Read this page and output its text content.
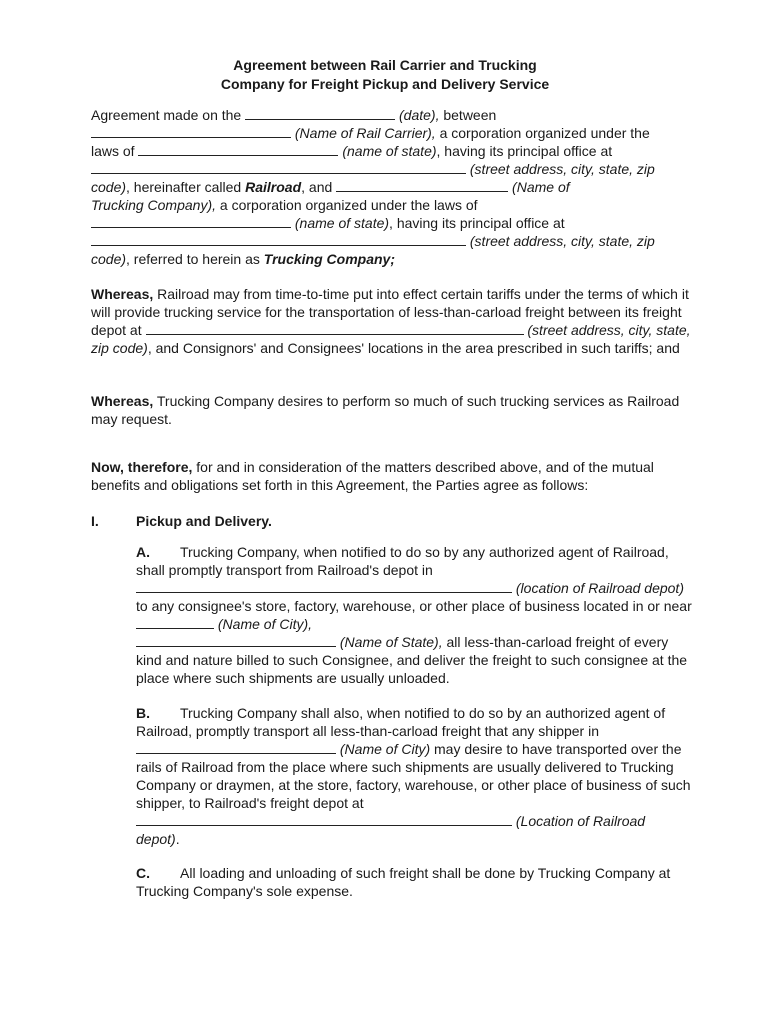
Agreement between Rail Carrier and Trucking
Company for Freight Pickup and Delivery Service

Agreement made on the	(date), between
(Name of Rail Carrier), a corporation organized under the
laws of	(name of state), having its principal office at
(street address, city, state, zip
code), hereinafter called Railroad, and	(Name of
Trucking Company), a corporation organized under the laws of
(name of state), having its principal office at
(street address, city, state, zip
code), referred to herein as Trucking Company;

Whereas, Railroad may from time-to-time put into effect certain tariffs under the terms of which it will provide trucking service for the transportation of less-than-carload freight between its freight depot at	(street address, city, state, zip code), and Consignors' and Consignees' locations in the area prescribed in such tariffs; and

Whereas, Trucking Company desires to perform so much of such trucking services as Railroad may request.

Now, therefore, for and in consideration of the matters described above, and of the mutual benefits and obligations set forth in this Agreement, the Parties agree as follows:

I.	Pickup and Delivery.

A. Trucking Company, when notified to do so by any authorized agent of Railroad, shall promptly transport from Railroad's depot in
(location of Railroad depot) to any consignee's store, factory, warehouse, or other place of business located in or near  (Name of City),
(Name of State), all less-than-carload freight of every kind and nature billed to such Consignee, and deliver the freight to such consignee at the place where such shipments are usually unloaded.

B. Trucking Company shall also, when notified to do so by an authorized agent of Railroad, promptly transport all less-than-carload freight that any shipper in  (Name of City) may desire to have transported over the rails of Railroad from the place where such shipments are usually delivered to Trucking Company or draymen, at the store, factory, warehouse, or other place of business of such shipper, to Railroad's freight depot at
(Location of Railroad depot).

C. All loading and unloading of such freight shall be done by Trucking Company at Trucking Company's sole expense.
